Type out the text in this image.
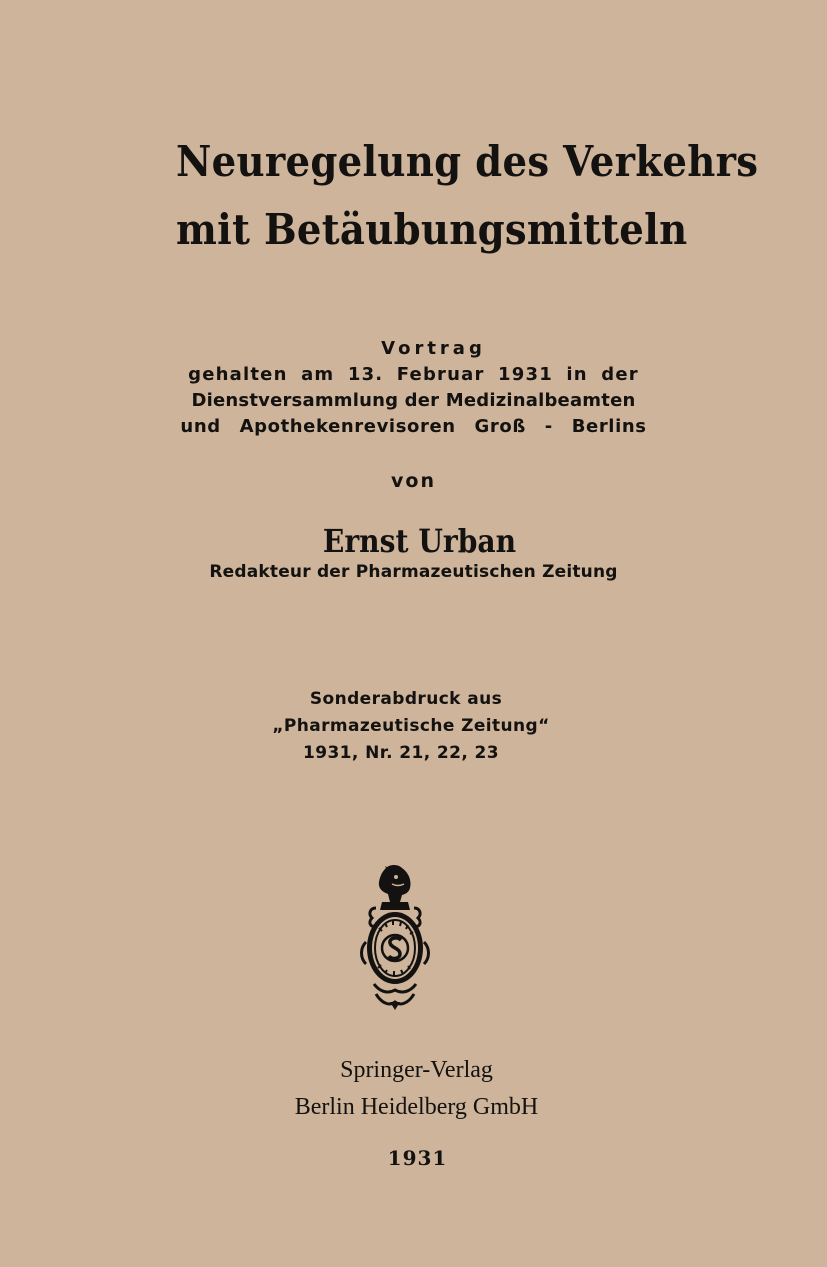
Neuregelung des Verkehrs
mit Betäubungsmitteln
Vortrag
gehalten am 13. Februar 1931 in der
Dienstversammlung der Medizinalbeamten
und Apothekenrevisoren Groß - Berlins
von
Ernst Urban
Redakteur der Pharmazeutischen Zeitung
Sonderabdruck aus
„Pharmazeutische Zeitung“
1931, Nr. 21, 22, 23
Springer-Verlag
Berlin Heidelberg GmbH
1931
